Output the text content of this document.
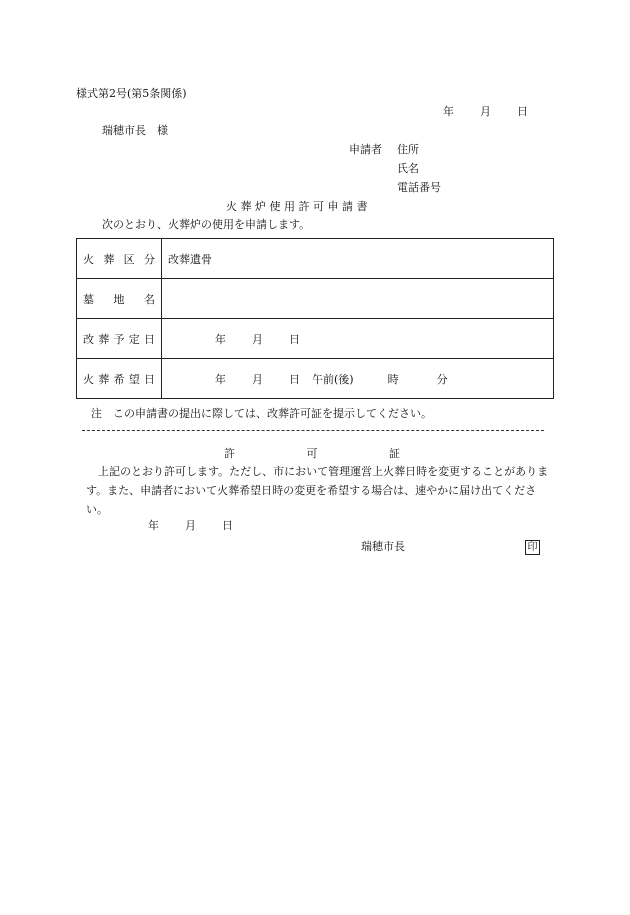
様式第2号(第5条関係)
年 月 日
瑞穂市長　様
申請者 住所
氏名
電話番号
火 葬 炉 使 用 許 可 申 請 書
次のとおり、火葬炉の使用を申請します。
火 葬 区 分	改葬遺骨

墓 地 名	

改 葬 予 定 日	年 月 日

火 葬 希 望 日	年 月 日 午前(後) 時 分
注　この申請書の提出に際しては、改葬許可証を提示してください。
許	可	証
上記のとおり許可します。ただし、市において管理運営上火葬日時を変更することがあります。また、申請者において火葬希望日時の変更を希望する場合は、速やかに届け出てください。
年 月 日
瑞穂市長	印
